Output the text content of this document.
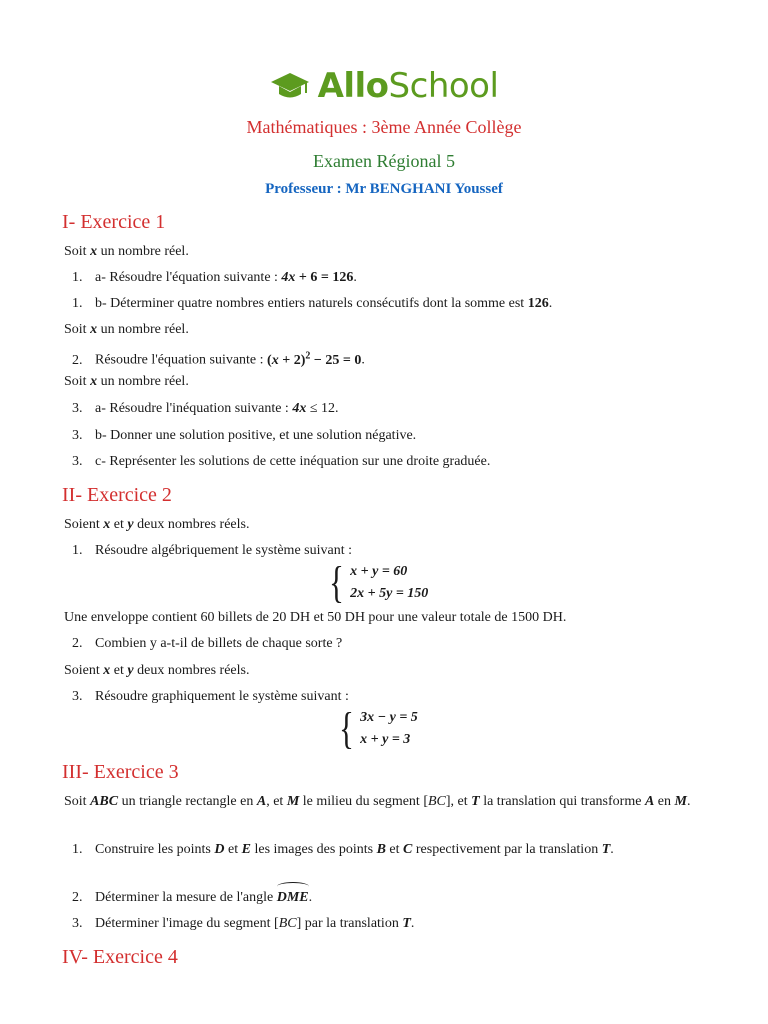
AlloSchool
Mathématiques : 3ème Année Collège
Examen Régional 5
Professeur : Mr BENGHANI Youssef
I- Exercice 1
Soit x un nombre réel.
1. a- Résoudre l'équation suivante : 4x + 6 = 126.
1. b- Déterminer quatre nombres entiers naturels consécutifs dont la somme est 126.
Soit x un nombre réel.
2. Résoudre l'équation suivante : $(x + 2)^2 - 25 = 0$.
Soit x un nombre réel.
3. a- Résoudre l'inéquation suivante : 4x ≤ 12.
3. b- Donner une solution positive, et une solution négative.
3. c- Représenter les solutions de cette inéquation sur une droite graduée.
II- Exercice 2
Soient x et y deux nombres réels.
1. Résoudre algébriquement le système suivant :
{ x + y = 60
2x + 5y = 150
Une enveloppe contient 60 billets de 20 DH et 50 DH pour une valeur totale de 1500 DH.
2. Combien y a-t-il de billets de chaque sorte ?
Soient x et y deux nombres réels.
3. Résoudre graphiquement le système suivant :
{ 3x − y = 5
x + y = 3
III- Exercice 3
Soit ABC un triangle rectangle en A, et M le milieu du segment [BC], et T la translation qui transforme A en M.
1. Construire les points D et E les images des points B et C respectivement par la translation T.
2. Déterminer la mesure de l'angle DME.
3. Déterminer l'image du segment [BC] par la translation T.
IV- Exercice 4
